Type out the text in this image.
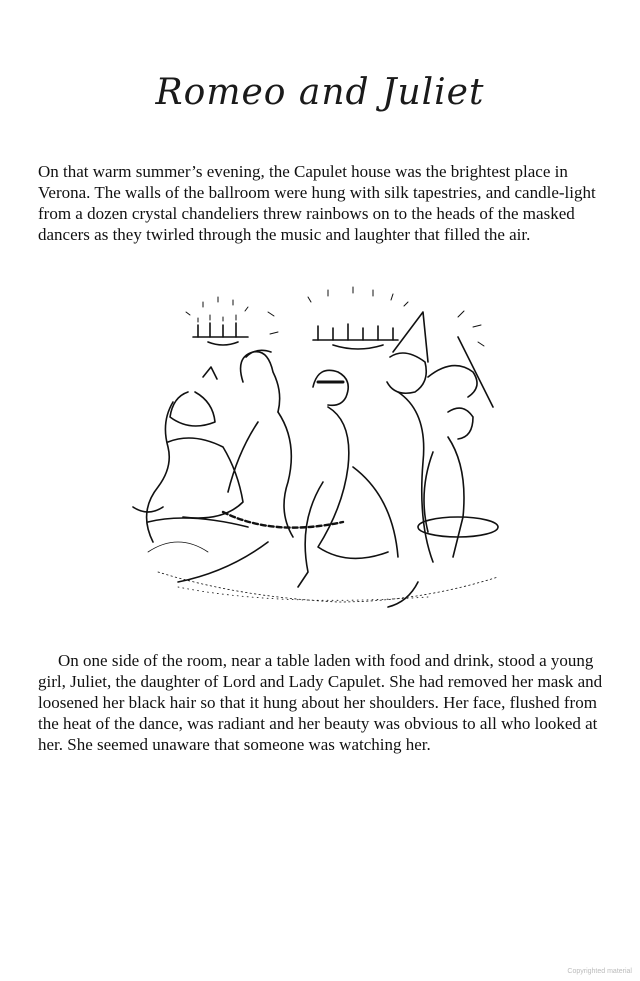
Romeo and Juliet

On that warm summer’s evening, the Capulet house was the brightest place in Verona. The walls of the ballroom were hung with silk tapestries, and candle-light from a dozen crystal chandeliers threw rainbows on to the heads of the masked dancers as they twirled through the music and laughter that filled the air.

On one side of the room, near a table laden with food and drink, stood a young girl, Juliet, the daughter of Lord and Lady Capulet. She had removed her mask and loosened her black hair so that it hung about her shoulders. Her face, flushed from the heat of the dance, was radiant and her beauty was obvious to all who looked at her. She seemed unaware that someone was watching her.

Copyrighted material
